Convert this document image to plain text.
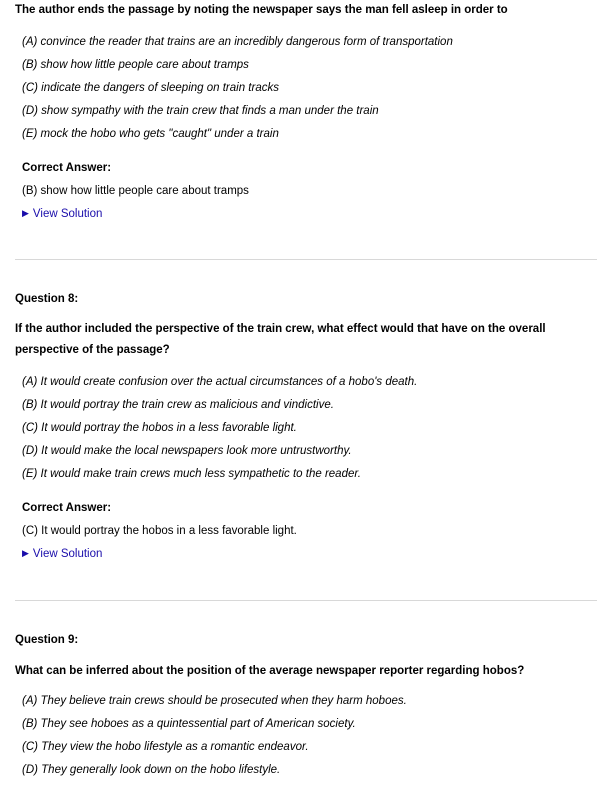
The author ends the passage by noting the newspaper says the man fell asleep in order to

(A) convince the reader that trains are an incredibly dangerous form of transportation
(B) show how little people care about tramps
(C) indicate the dangers of sleeping on train tracks
(D) show sympathy with the train crew that finds a man under the train
(E) mock the hobo who gets "caught" under a train
Correct Answer:
(B) show how little people care about tramps
▶ View Solution
Question 8:

If the author included the perspective of the train crew, what effect would that have on the overall perspective of the passage?

(A) It would create confusion over the actual circumstances of a hobo's death.
(B) It would portray the train crew as malicious and vindictive.
(C) It would portray the hobos in a less favorable light.
(D) It would make the local newspapers look more untrustworthy.
(E) It would make train crews much less sympathetic to the reader.
Correct Answer:
(C) It would portray the hobos in a less favorable light.
▶ View Solution
Question 9:

What can be inferred about the position of the average newspaper reporter regarding hobos?

(A) They believe train crews should be prosecuted when they harm hoboes.
(B) They see hoboes as a quintessential part of American society.
(C) They view the hobo lifestyle as a romantic endeavor.
(D) They generally look down on the hobo lifestyle.
